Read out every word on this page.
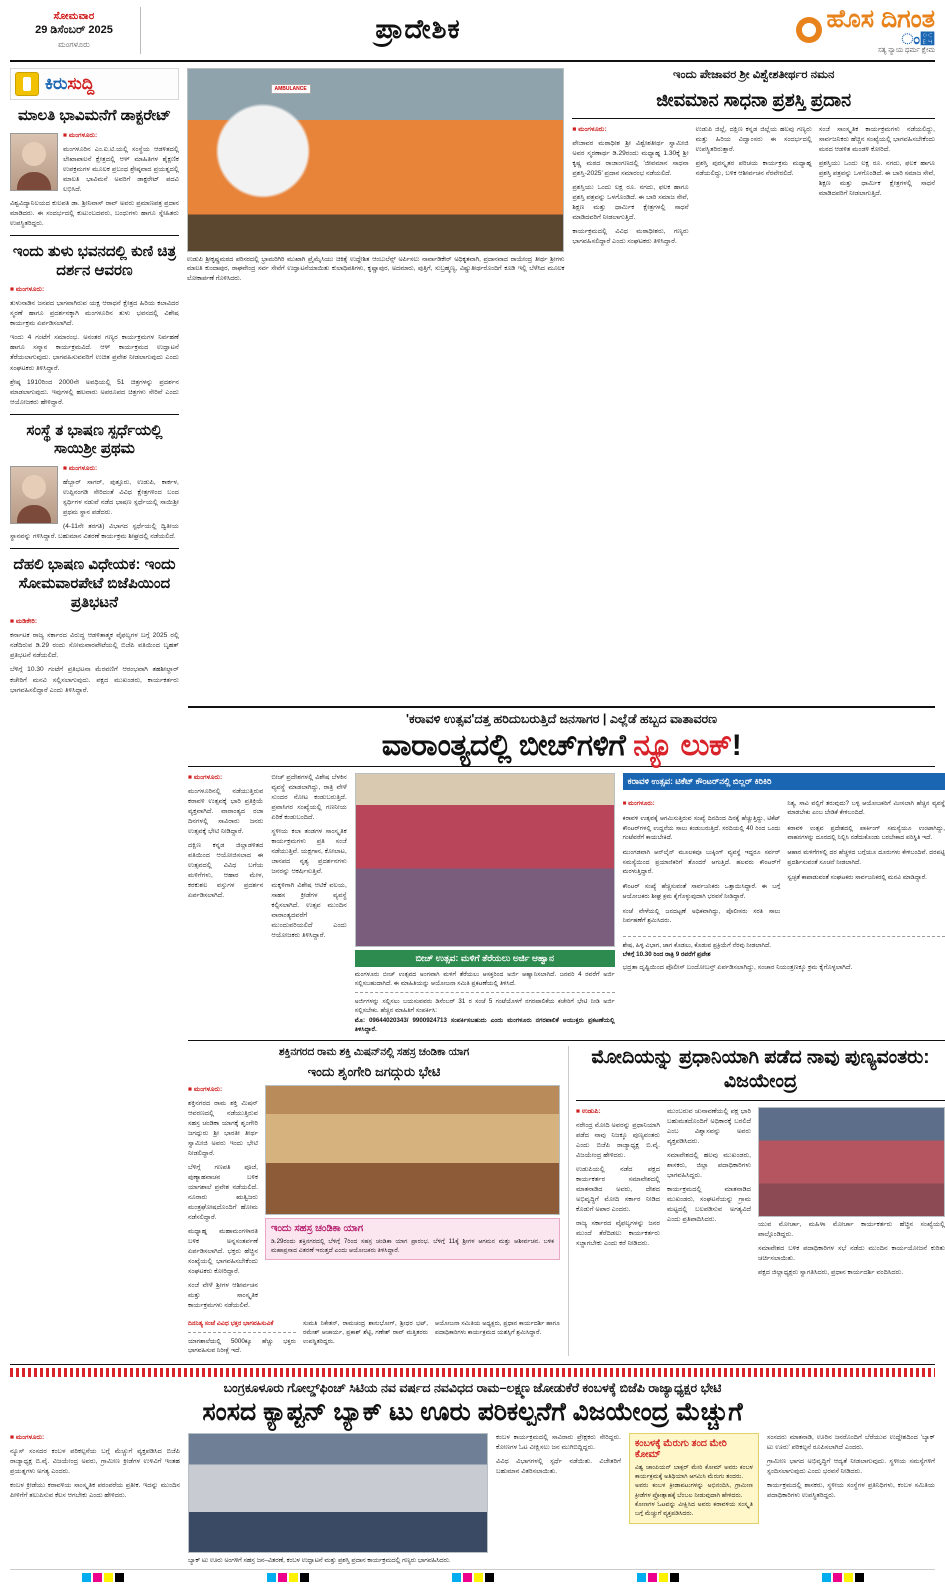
ಸೋಮವಾರ
29 ಡಿಸೆಂಬರ್ 2025
ಮಂಗಳೂರು	ಪ್ರಾದೇಶಿಕ	ಹೊಸ ದಿಗಂತ
ಂ಴
ಸತ್ಯ ನ್ಯಾಯ ಧರ್ಮ ಕ್ಷೇಮ
ಕಿರುಸುದ್ದಿ
ಮಾಲತಿ ಭಾವಿಮನೆಗೆ ಡಾಕ್ಟರೇಟ್

■ ಮಂಗಳೂರು:

ಮಂಗಳೂರಿನ ಎಂ.ಐ.ಟಿ.ಯಲ್ಲಿ ಸಂಸ್ಥೆಯ ಆಡಳಿತದಲ್ಲಿ ಲೇಖಾಪಾಲನೆ ಕ್ಷೇತ್ರದಲ್ಲಿ ಆಳ್ ಮಾಹಿತಿಗಳ ಶೈಕ್ಷಣಿಕ ಉಪಕ್ರಮಗಳ ಮೂಲಕ ಪ್ರಬಂಧ ಶ್ರೇಷ್ಠವಾದ ಪ್ರಯತ್ನದಲ್ಲಿ ಮಾಲತಿ ಭಾವಿಮನೆ ಅವರಿಗೆ ಡಾಕ್ಟರೇಟ್ ಪದವಿ ಲಭಿಸಿದೆ.

ವಿಶ್ವವಿದ್ಯಾನಿಲಯದ ಕುಲಪತಿ ಡಾ. ಶ್ರೀನಿವಾಸ್ ರಾವ್ ಅವರು ಪ್ರಮಾಣಪತ್ರ ಪ್ರದಾನ ಮಾಡಿದರು. ಈ ಸಂದರ್ಭದಲ್ಲಿ ಕುಟುಂಬದವರು, ಬಂಧುಗಳು ಹಾಗೂ ಸ್ನೇಹಿತರು ಉಪಸ್ಥಿತರಿದ್ದರು.

ಇಂದು ತುಳು ಭವನದಲ್ಲಿ ಕುಣಿ ಚಿತ್ರ ದರ್ಶನ ಆವರಣ

■ ಮಂಗಳೂರು:

ತುಳುನಾಡಿನ ಜನಪದ ಭಾಗವಾಗಿರುವ ಯಕ್ಷ ಆರಾಧನೆ ಕ್ಷೇತ್ರದ ಹಿರಿಯ ಕಲಾವಿದರ ಸ್ಮರಣೆ ಹಾಗೂ ಪ್ರದರ್ಶನಕ್ಕಾಗಿ ಮಂಗಳೂರಿನ ತುಳು ಭವನದಲ್ಲಿ ವಿಶೇಷ ಕಾರ್ಯಕ್ರಮ ಏರ್ಪಡಿಸಲಾಗಿದೆ.

ಇಂದು 4 ಗಂಟೆಗೆ ಸಮಾರಂಭ. ಅನಂತರ ಗಣ್ಯರ ಕಾರ್ಯಕ್ರಮಗಳ ನಿರ್ವಹಣೆ ಹಾಗೂ ಸನ್ಮಾನ ಕಾರ್ಯಕ್ರಮವಿದೆ. ಆಳ್ ಕಾರ್ಯಕ್ರಮದ ಉದ್ಘಾಟನೆ ತೆರೆಯಲಾಗುವುದು. ಭಾಗವಹಿಸುವವರಿಗೆ ಉಚಿತ ಪ್ರವೇಶ ನೀಡಲಾಗುವುದು ಎಂದು ಸಂಘಟಕರು ತಿಳಿಸಿದ್ದಾರೆ.

ಶ್ರೇಷ್ಠ 1910ರಿಂದ 2000ನೇ ಅವಧಿಯಲ್ಲಿ 51 ಚಿತ್ರಗಳನ್ನು ಪ್ರದರ್ಶನ ಮಾಡಲಾಗುವುದು. ಇವುಗಳಲ್ಲಿ ಹಲವಾರು ಅಪರೂಪದ ಚಿತ್ರಗಳು ಸೇರಿವೆ ಎಂದು ಆಯೋಜಕರು ಹೇಳಿದ್ದಾರೆ.

ಸಂಸ್ಥೆ ತ ಭಾಷಣ ಸ್ಪರ್ಧೆಯಲ್ಲಿ ಸಾಯಿಶ್ರೀ ಪ್ರಥಮ

■ ಮಂಗಳೂರು:

ಹೆಬ್ಬಾರ್ ಸಾಗರ್, ಪುತ್ತೂರು, ಉಡುಪಿ, ಕಾರ್ಕಳ, ಉಪ್ಪಿನಂಗಡಿ ಸೇರಿದಂತೆ ವಿವಿಧ ಕ್ಷೇತ್ರಗಳಿಂದ ಬಂದ ಸ್ಪರ್ಧಿಗಳ ನಡುವೆ ನಡೆದ ಭಾಷಣ ಸ್ಪರ್ಧೆಯಲ್ಲಿ ಸಾಯಿಶ್ರೀ ಪ್ರಥಮ ಸ್ಥಾನ ಪಡೆದರು.

(4-11ನೇ ತರಗತಿ) ವಿಭಾಗದ ಸ್ಪರ್ಧೆಯಲ್ಲಿ ದ್ವಿತೀಯ ಸ್ಥಾನವನ್ನು ಗಳಿಸಿದ್ದಾರೆ. ಬಹುಮಾನ ವಿತರಣೆ ಕಾರ್ಯಕ್ರಮ ಶೀಘ್ರದಲ್ಲಿ ನಡೆಯಲಿದೆ.

ದೆಹಲಿ ಭಾಷಣ ವಿಧೇಯಕ: ಇಂದು ಸೋಮವಾರಪೇಟೆ ಬಿಜೆಪಿಯಿಂದ ಪ್ರತಿಭಟನೆ

■ ಮಡಿಕೇರಿ:

ಕರ್ನಾಟಕ ರಾಜ್ಯ ಸರ್ಕಾರದ ವಿರುದ್ಧ ಆಡಳಿತಾತ್ಮಕ ವೈಫಲ್ಯಗಳ ಬಗ್ಗೆ 2025 ರಲ್ಲಿ ನಡೆದಿರುವ ಡಿ.29 ರಂದು ಸೋಮವಾರಪೇಟೆಯಲ್ಲಿ ಬಿಜೆಪಿ ವತಿಯಿಂದ ಬೃಹತ್ ಪ್ರತಿಭಟನೆ ನಡೆಯಲಿದೆ.

ಬೆಳಿಗ್ಗೆ 10.30 ಗಂಟೆಗೆ ಪ್ರತಿಭಟನಾ ಮೆರವಣಿಗೆ ಆರಂಭವಾಗಿ ತಹಶೀಲ್ದಾರ್ ಕಚೇರಿಗೆ ಮನವಿ ಸಲ್ಲಿಸಲಾಗುವುದು. ಪಕ್ಷದ ಮುಖಂಡರು, ಕಾರ್ಯಕರ್ತರು ಭಾಗವಹಿಸಲಿದ್ದಾರೆ ಎಂದು ತಿಳಿಸಿದ್ದಾರೆ.

AMBULANCE
ಉಡುಪಿ ಶ್ರೀಕೃಷ್ಣಮಠದ ಪರಿಸರದಲ್ಲಿ ಭ್ರಾಮರಿಗಿರಿ ಮುಖಾಗಿ ಪ್ರೈಮೈಸಿಯು ಚಿಕಿತ್ಸೆ ಉದ್ದೇಶಿತ ಆಂಬುಲೆನ್ಸ್ ಅರ್ಪಿಸಲು ನಾರ್ವಾಡಿಕೇರ್ ಅಧಿಕೃತವಾಗಿ, ಪ್ರದಾನವಾದ ರಾಯೇಂದ್ರ ತೀರ್ಥ ಶ್ರೀಗಳು ಮಾಲತಿ ಕುಂದಾಪುರ, ರಾಘವೇಂದ್ರ ಸರ್ವ ಸೇವೆಗೆ ಉದ್ಘಾಟನೆಯಾಯಿತು ಕುಲಾಧಿಪತಿಗಳು, ಕೃಷ್ಣಾಪುರ, ಅದಮಾರು, ಪುತ್ತಿಗೆ, ಸುಬ್ರಹ್ಮಣ್ಯ, ವಿಷ್ಣುತೀರ್ಥರೊಂದಿಗೆ ಕೂಡಿ ಇಲ್ಲಿ ಬೆಳೆಸಿದ ಮೂಲಕ ಲೋಕಾರ್ಪಣೆ ಗೊಳಿಸಿದರು.
ಇಂದು ಪೇಜಾವರ ಶ್ರೀ ವಿಶ್ವೇಶತೀರ್ಥರ ನಮನ
ಜೀವಮಾನ ಸಾಧನಾ ಪ್ರಶಸ್ತಿ ಪ್ರದಾನ

■ ಮಂಗಳೂರು:

ಪೇಜಾವರ ಮಠಾಧೀಶ ಶ್ರೀ ವಿಶ್ವೇಶತೀರ್ಥ ಸ್ವಾಮೀಜಿ ಅವರ ಸ್ಮರಣಾರ್ಥ ಡಿ.29ರಂದು ಮಧ್ಯಾಹ್ನ 1.30ಕ್ಕೆ ಶ್ರೀ ಕೃಷ್ಣ ಮಠದ ರಾಜಾಂಗಣದಲ್ಲಿ 'ಜೀವಮಾನ ಸಾಧನಾ ಪ್ರಶಸ್ತಿ-2025' ಪ್ರದಾನ ಸಮಾರಂಭ ನಡೆಯಲಿದೆ.

ಪ್ರಶಸ್ತಿಯು ಒಂದು ಲಕ್ಷ ರೂ. ನಗದು, ಫಲಕ ಹಾಗೂ ಪ್ರಶಸ್ತಿ ಪತ್ರವನ್ನು ಒಳಗೊಂಡಿದೆ. ಈ ಬಾರಿ ಸಮಾಜ ಸೇವೆ, ಶಿಕ್ಷಣ ಮತ್ತು ಧಾರ್ಮಿಕ ಕ್ಷೇತ್ರಗಳಲ್ಲಿ ಸಾಧನೆ ಮಾಡಿದವರಿಗೆ ನೀಡಲಾಗುತ್ತಿದೆ.

ಕಾರ್ಯಕ್ರಮದಲ್ಲಿ ವಿವಿಧ ಮಠಾಧೀಶರು, ಗಣ್ಯರು ಭಾಗವಹಿಸಲಿದ್ದಾರೆ ಎಂದು ಸಂಘಟಕರು ತಿಳಿಸಿದ್ದಾರೆ.

ಉಡುಪಿ ಜಿಲ್ಲೆ, ದಕ್ಷಿಣ ಕನ್ನಡ ಜಿಲ್ಲೆಯ ಹಲವು ಗಣ್ಯರು ಮತ್ತು ಹಿರಿಯ ವಿದ್ವಾಂಸರು ಈ ಸಂದರ್ಭದಲ್ಲಿ ಉಪಸ್ಥಿತರಿರುತ್ತಾರೆ.

ಪ್ರಶಸ್ತಿ ಪುರಸ್ಕೃತರ ಪರಿಚಯ ಕಾರ್ಯಕ್ರಮ ಮಧ್ಯಾಹ್ನ ನಡೆಯಲಿದ್ದು, ಬಳಿಕ ಆಶೀರ್ವಚನ ನೆರವೇರಲಿದೆ.

ಸಂಜೆ ಸಾಂಸ್ಕೃತಿಕ ಕಾರ್ಯಕ್ರಮಗಳು ನಡೆಯಲಿದ್ದು, ಸಾರ್ವಜನಿಕರು ಹೆಚ್ಚಿನ ಸಂಖ್ಯೆಯಲ್ಲಿ ಭಾಗವಹಿಸಬೇಕೆಂದು ಮಠದ ಆಡಳಿತ ಮಂಡಳಿ ಕೋರಿದೆ.

ಪ್ರಶಸ್ತಿಯು ಒಂದು ಲಕ್ಷ ರೂ. ನಗದು, ಫಲಕ ಹಾಗೂ ಪ್ರಶಸ್ತಿ ಪತ್ರವನ್ನು ಒಳಗೊಂಡಿದೆ. ಈ ಬಾರಿ ಸಮಾಜ ಸೇವೆ, ಶಿಕ್ಷಣ ಮತ್ತು ಧಾರ್ಮಿಕ ಕ್ಷೇತ್ರಗಳಲ್ಲಿ ಸಾಧನೆ ಮಾಡಿದವರಿಗೆ ನೀಡಲಾಗುತ್ತಿದೆ.

'ಕರಾವಳಿ ಉತ್ಸವ'ದತ್ತ ಹರಿದುಬರುತ್ತಿದೆ ಜನಸಾಗರ | ಎಲ್ಲೆಡೆ ಹಬ್ಬದ ವಾತಾವರಣ
ವಾರಾಂತ್ಯದಲ್ಲಿ ಬೀಚ್‌ಗಳಿಗೆ ನ್ಯೂ ಲುಕ್!

■ ಮಂಗಳೂರು:

ಮಂಗಳೂರಿನಲ್ಲಿ ನಡೆಯುತ್ತಿರುವ ಕರಾವಳಿ ಉತ್ಸವಕ್ಕೆ ಭಾರಿ ಪ್ರತಿಕ್ರಿಯೆ ವ್ಯಕ್ತವಾಗಿದೆ. ವಾರಾಂತ್ಯದ ರಜಾ ದಿನಗಳಲ್ಲಿ ಸಾವಿರಾರು ಜನರು ಉತ್ಸವಕ್ಕೆ ಭೇಟಿ ನೀಡಿದ್ದಾರೆ.

ದಕ್ಷಿಣ ಕನ್ನಡ ಜಿಲ್ಲಾಡಳಿತದ ವತಿಯಿಂದ ಆಯೋಜಿಸಲಾದ ಈ ಉತ್ಸವದಲ್ಲಿ ವಿವಿಧ ಬಗೆಯ ಮಳಿಗೆಗಳು, ಆಹಾರ ಮೇಳ, ಕರಕುಶಲ ವಸ್ತುಗಳ ಪ್ರದರ್ಶನ ಏರ್ಪಡಿಸಲಾಗಿದೆ.

ಬೀಚ್ ಪ್ರದೇಶಗಳಲ್ಲಿ ವಿಶೇಷ ಬೆಳಕಿನ ವ್ಯವಸ್ಥೆ ಮಾಡಲಾಗಿದ್ದು, ರಾತ್ರಿ ವೇಳೆ ಸುಂದರ ನೋಟ ಕಂಡುಬರುತ್ತಿದೆ. ಪ್ರವಾಸಿಗರ ಸಂಖ್ಯೆಯಲ್ಲಿ ಗಣನೀಯ ಏರಿಕೆ ಕಂಡುಬಂದಿದೆ.

ಸ್ಥಳೀಯ ಕಲಾ ತಂಡಗಳ ಸಾಂಸ್ಕೃತಿಕ ಕಾರ್ಯಕ್ರಮಗಳು ಪ್ರತಿ ಸಂಜೆ ನಡೆಯುತ್ತಿವೆ. ಯಕ್ಷಗಾನ, ಕೋಲಾಟ, ಜಾನಪದ ನೃತ್ಯ ಪ್ರದರ್ಶನಗಳು ಜನರನ್ನು ಆಕರ್ಷಿಸುತ್ತಿವೆ.

ಮಕ್ಕಳಿಗಾಗಿ ವಿಶೇಷ ಆಟಿಕೆ ವಲಯ, ಸಾಹಸ ಕ್ರೀಡೆಗಳ ವ್ಯವಸ್ಥೆ ಕಲ್ಪಿಸಲಾಗಿದೆ. ಉತ್ಸವ ಮುಂದಿನ ವಾರಾಂತ್ಯದವರೆಗೆ ಮುಂದುವರಿಯಲಿದೆ ಎಂದು ಆಯೋಜಕರು ತಿಳಿಸಿದ್ದಾರೆ.

ಬೀಚ್ ಉತ್ಸವ: ಮಳಿಗೆ ತೆರೆಯಲು ಅರ್ಜಿ ಆಹ್ವಾನ
ಮಂಗಳೂರು ಬೀಚ್ ಉತ್ಸವದ ಅಂಗವಾಗಿ ಮಳಿಗೆ ತೆರೆಯಲು ಆಸಕ್ತರಿಂದ ಅರ್ಜಿ ಆಹ್ವಾನಿಸಲಾಗಿದೆ. ಜನವರಿ 4 ರವರೆಗೆ ಅರ್ಜಿ ಸಲ್ಲಿಸಬಹುದಾಗಿದೆ. ಈ ಮಾಹಿತಿಯನ್ನು ಆಯೋಜನಾ ಸಮಿತಿ ಪ್ರಕಟಣೆಯಲ್ಲಿ ತಿಳಿಸಿದೆ.
ಅರ್ಜಿಗಳನ್ನು ಸಲ್ಲಿಸಲು ಬಯಸುವವರು ಡಿಸೆಂಬರ್ 31 ರ ಸಂಜೆ 5 ಗಂಟೆಯೊಳಗೆ ನಗರಪಾಲಿಕೆಯ ಕಚೇರಿಗೆ ಭೇಟಿ ನೀಡಿ ಅರ್ಜಿ ಸಲ್ಲಿಸಬೇಕು. ಹೆಚ್ಚಿನ ಮಾಹಿತಿಗೆ ಸಂಪರ್ಕಿಸಿ:
ಮೊ: 09644020343/ 9900924713 ಸಂಪರ್ಕಿಸಬಹುದು ಎಂದು ಮಂಗಳೂರು ನಗರಪಾಲಿಕೆ ಆಯುಕ್ತರು ಪ್ರಕಟಣೆಯಲ್ಲಿ ತಿಳಿಸಿದ್ದಾರೆ.
ಕರಾವಳಿ ಉತ್ಸವ: ಟಿಕೆಟ್ ಕೌಂಟರ್‌ನಲ್ಲಿ ಬಿಲ್ಲರ್ ಕಿರಿಕಿರಿ

■ ಮಂಗಳೂರು:

ಕರಾವಳಿ ಉತ್ಸವಕ್ಕೆ ಆಗಮಿಸುತ್ತಿರುವ ಸಂಖ್ಯೆ ದಿನದಿಂದ ದಿನಕ್ಕೆ ಹೆಚ್ಚುತ್ತಿದ್ದು, ಟಿಕೆಟ್ ಕೌಂಟರ್‌ಗಳಲ್ಲಿ ಉದ್ದನೆಯ ಸಾಲು ಕಂಡುಬರುತ್ತಿದೆ. ಸರದಿಯಲ್ಲಿ 40 ರಿಂದ ಒಂದು ಗಂಟೆವರೆಗೆ ಕಾಯಬೇಕಿದೆ.

ಮುಂಗಡವಾಗಿ ಆನ್‌ಲೈನ್ ಮೂಲಕವೂ ಬುಕ್ಕಿಂಗ್ ವ್ಯವಸ್ಥೆ ಇದ್ದರೂ ಸರ್ವರ್ ಸಮಸ್ಯೆಯಿಂದ ಪ್ರಯಾಣಿಕರಿಗೆ ತೊಂದರೆ ಆಗುತ್ತಿದೆ. ಹಲವರು ಕೌಂಟರ್‌ಗೆ ಮರಳುತ್ತಿದ್ದಾರೆ.

ಕೌಂಟರ್ ಸಂಖ್ಯೆ ಹೆಚ್ಚಿಸುವಂತೆ ಸಾರ್ವಜನಿಕರು ಒತ್ತಾಯಿಸಿದ್ದಾರೆ. ಈ ಬಗ್ಗೆ ಆಯೋಜಕರು ಶೀಘ್ರ ಕ್ರಮ ಕೈಗೊಳ್ಳುವುದಾಗಿ ಭರವಸೆ ನೀಡಿದ್ದಾರೆ.

ಸಂಜೆ ವೇಳೆಯಲ್ಲಿ ಜನದಟ್ಟಣೆ ಅಧಿಕವಾಗಿದ್ದು, ಪೊಲೀಸರು ಸರತಿ ಸಾಲು ನಿರ್ವಹಣೆಗೆ ಶ್ರಮಿಸಿದರು.

ನಿತ್ಯ, ಸಾವಿ ವಲ್ಪಿಗೆ ತರುವುದು? ಬಳ್ಳಿ ಆಯೋಜಕರಿಗೆ ಮೀಸಲಾಗಿ ಹೆಚ್ಚಿನ ವ್ಯವಸ್ಥೆ ಮಾಡಬೇಕು ಎಂಬ ಬೇಡಿಕೆ ಕೇಳಿಬಂದಿದೆ.

ಕರಾವಳಿ ಉತ್ಸವ ಪ್ರದೇಶದಲ್ಲಿ ಪಾರ್ಕಿಂಗ್ ಸಮಸ್ಯೆಯೂ ಉಂಟಾಗಿದ್ದು, ವಾಹನಗಳನ್ನು ದೂರದಲ್ಲಿ ನಿಲ್ಲಿಸಿ ನಡೆದುಕೊಂಡು ಬರಬೇಕಾದ ಪರಿಸ್ಥಿತಿ ಇದೆ.

ಆಹಾರ ಮಳಿಗೆಗಳಲ್ಲಿ ದರ ಹೆಚ್ಚಳದ ಬಗ್ಗೆಯೂ ದೂರುಗಳು ಕೇಳಿಬಂದಿವೆ. ದರಪಟ್ಟಿ ಪ್ರದರ್ಶಿಸುವಂತೆ ಸೂಚನೆ ನೀಡಲಾಗಿದೆ.

ಸ್ವಚ್ಛತೆ ಕಾಪಾಡುವಂತೆ ಸಂಘಟಕರು ಸಾರ್ವಜನಿಕರಲ್ಲಿ ಮನವಿ ಮಾಡಿದ್ದಾರೆ.

ಶೇಷ, ಹಿಳ್ಳಿ ವಿಭಾಗ, ಜಾಗ ಕೊಡಲು, ಕೊಡುವ ಪ್ರಕ್ರಿಯೆಗೆ ನೆರವು ನೀಡಲಾಗಿದೆ.
ಬೆಳಿಗ್ಗೆ 10.30 ರಿಂದ ರಾತ್ರಿ 9 ರವರೆಗೆ ಪ್ರವೇಶ
ಭದ್ರತಾ ದೃಷ್ಟಿಯಿಂದ ಪೊಲೀಸ್ ಬಂದೋಬಸ್ತ್ ಏರ್ಪಡಿಸಲಾಗಿದ್ದು, ಸಂಚಾರ ನಿಯಂತ್ರಣಕ್ಕೂ ಕ್ರಮ ಕೈಗೊಳ್ಳಲಾಗಿದೆ.
ಶಕ್ತಿನಗರದ ರಾಮ ಶಕ್ತಿ ಮಿಷನ್‌ನಲ್ಲಿ ಸಹಸ್ರ ಚಂಡಿಕಾ ಯಾಗ
ಇಂದು ಶೃಂಗೇರಿ ಜಗದ್ಗುರು ಭೇಟಿ

■ ಮಂಗಳೂರು:

ಶಕ್ತಿನಗರದ ರಾಮ ಶಕ್ತಿ ಮಿಷನ್ ಆವರಣದಲ್ಲಿ ನಡೆಯುತ್ತಿರುವ ಸಹಸ್ರ ಚಂಡಿಕಾ ಯಾಗಕ್ಕೆ ಶೃಂಗೇರಿ ಜಗದ್ಗುರು ಶ್ರೀ ಭಾರತೀ ತೀರ್ಥ ಸ್ವಾಮೀಜಿ ಅವರು ಇಂದು ಭೇಟಿ ನೀಡಲಿದ್ದಾರೆ.

ಬೆಳಿಗ್ಗೆ ಗಣಪತಿ ಪೂಜೆ, ಪುಣ್ಯಾಹವಾಚನ ಬಳಿಕ ಯಾಗಶಾಲೆ ಪ್ರವೇಶ ನಡೆಯಲಿದೆ. ನೂರಾರು ಋತ್ವಿಜರು ಮಂತ್ರಘೋಷದೊಂದಿಗೆ ಹೋಮ ನಡೆಸಲಿದ್ದಾರೆ.

ಮಧ್ಯಾಹ್ನ ಮಹಾಮಂಗಳಾರತಿ ಬಳಿಕ ಅನ್ನಸಂತರ್ಪಣೆ ಏರ್ಪಡಿಸಲಾಗಿದೆ. ಭಕ್ತರು ಹೆಚ್ಚಿನ ಸಂಖ್ಯೆಯಲ್ಲಿ ಭಾಗವಹಿಸಬೇಕೆಂದು ಸಂಘಟಕರು ಕೋರಿದ್ದಾರೆ.

ಸಂಜೆ ವೇಳೆ ಶ್ರೀಗಳ ಆಶೀರ್ವಚನ ಮತ್ತು ಸಾಂಸ್ಕೃತಿಕ ಕಾರ್ಯಕ್ರಮಗಳು ನಡೆಯಲಿವೆ.

ಇಂದು ಸಹಸ್ರ ಚಂಡಿಕಾ ಯಾಗ
ಡಿ.29ರಂದು ಶಕ್ತಿನಗರದಲ್ಲಿ ಬೆಳಿಗ್ಗೆ 7ರಿಂದ ಸಹಸ್ರ ಚಂಡಿಕಾ ಯಾಗ ಪ್ರಾರಂಭ. ಬೆಳಿಗ್ಗೆ 11ಕ್ಕೆ ಶ್ರೀಗಳ ಆಗಮನ ಮತ್ತು ಆಶೀರ್ವಚನ. ಬಳಿಕ ಮಹಾಪ್ರಸಾದ ವಿತರಣೆ ಇರುತ್ತದೆ ಎಂದು ಆಯೋಜಕರು ತಿಳಿಸಿದ್ದಾರೆ.
ದಿನನಿತ್ಯ ಸಂಜೆ ವಿವಿಧ ಭಕ್ತರ ಭಾಗವಹಿಸುವಿಕೆ
ಯಾಗಶಾಲೆಯಲ್ಲಿ 5000ಕ್ಕೂ ಹೆಚ್ಚು ಭಕ್ತರು ಭಾಗವಹಿಸುವ ನಿರೀಕ್ಷೆ ಇದೆ.
ಸುಮತಿ ನಿಕೇತನ್, ರಾಮಚಂದ್ರ ಶಾನುಭೋಗ್, ಶ್ರೀಧರ ಭಟ್, ರಮೇಶ್ ಆಚಾರ್ಯ, ಪ್ರಕಾಶ್ ಶೆಟ್ಟಿ, ಗಣೇಶ್ ರಾವ್ ಮತ್ತಿತರರು ಉಪಸ್ಥಿತರಿದ್ದರು.
ಆಯೋಜನಾ ಸಮಿತಿಯ ಅಧ್ಯಕ್ಷರು, ಪ್ರಧಾನ ಕಾರ್ಯದರ್ಶಿ ಹಾಗೂ ಪದಾಧಿಕಾರಿಗಳು ಕಾರ್ಯಕ್ರಮದ ಯಶಸ್ಸಿಗೆ ಶ್ರಮಿಸಿದ್ದಾರೆ.
ಮೋದಿಯನ್ನು ಪ್ರಧಾನಿಯಾಗಿ ಪಡೆದ ನಾವು ಪುಣ್ಯವಂತರು: ವಿಜಯೇಂದ್ರ

■ ಉಡುಪಿ:

ನರೇಂದ್ರ ಮೋದಿ ಅವರನ್ನು ಪ್ರಧಾನಿಯಾಗಿ ಪಡೆದ ನಾವು ನಿಜಕ್ಕೂ ಪುಣ್ಯವಂತರು ಎಂದು ಬಿಜೆಪಿ ರಾಜ್ಯಾಧ್ಯಕ್ಷ ಬಿ.ವೈ. ವಿಜಯೇಂದ್ರ ಹೇಳಿದರು.

ಉಡುಪಿಯಲ್ಲಿ ನಡೆದ ಪಕ್ಷದ ಕಾರ್ಯಕರ್ತರ ಸಮಾವೇಶದಲ್ಲಿ ಮಾತನಾಡಿದ ಅವರು, ದೇಶದ ಅಭಿವೃದ್ಧಿಗೆ ಮೋದಿ ಸರ್ಕಾರ ನೀಡಿದ ಕೊಡುಗೆ ಅಪಾರ ಎಂದರು.

ರಾಜ್ಯ ಸರ್ಕಾರದ ವೈಫಲ್ಯಗಳನ್ನು ಜನರ ಮುಂದೆ ತೆರೆದಿಡಲು ಕಾರ್ಯಕರ್ತರು ಸಜ್ಜಾಗಬೇಕು ಎಂದು ಕರೆ ನೀಡಿದರು.

ಮುಂಬರುವ ಚುನಾವಣೆಯಲ್ಲಿ ಪಕ್ಷ ಭಾರಿ ಬಹುಮತದೊಂದಿಗೆ ಅಧಿಕಾರಕ್ಕೆ ಬರಲಿದೆ ಎಂಬ ವಿಶ್ವಾಸವನ್ನು ಅವರು ವ್ಯಕ್ತಪಡಿಸಿದರು.

ಸಮಾವೇಶದಲ್ಲಿ ಹಲವು ಮುಖಂಡರು, ಶಾಸಕರು, ಜಿಲ್ಲಾ ಪದಾಧಿಕಾರಿಗಳು ಭಾಗವಹಿಸಿದ್ದರು.

ಕಾರ್ಯಕ್ರಮದಲ್ಲಿ ಮಾತನಾಡಿದ ಮುಖಂಡರು, ಸಂಘಟನೆಯನ್ನು ಗ್ರಾಮ ಮಟ್ಟದಲ್ಲಿ ಬಲಪಡಿಸುವ ಅಗತ್ಯವಿದೆ ಎಂದು ಪ್ರತಿಪಾದಿಸಿದರು.

ಯುವ ಮೋರ್ಚಾ, ಮಹಿಳಾ ಮೋರ್ಚಾ ಕಾರ್ಯಕರ್ತರು ಹೆಚ್ಚಿನ ಸಂಖ್ಯೆಯಲ್ಲಿ ಪಾಲ್ಗೊಂಡಿದ್ದರು.

ಸಮಾವೇಶದ ಬಳಿಕ ಪದಾಧಿಕಾರಿಗಳ ಸಭೆ ನಡೆದು ಮುಂದಿನ ಕಾರ್ಯಯೋಜನೆ ಕುರಿತು ಚರ್ಚಿಸಲಾಯಿತು.

ಪಕ್ಷದ ಜಿಲ್ಲಾಧ್ಯಕ್ಷರು ಸ್ವಾಗತಿಸಿದರು, ಪ್ರಧಾನ ಕಾರ್ಯದರ್ಶಿ ವಂದಿಸಿದರು.

ಬಂಗ್ರಕೂಳೂರು ಗೋಲ್ಡ್‌ಫಿಂಚ್ ಸಿಟಿಯ ನವ ವರ್ಷದ ನವವಿಧದ ರಾಮ–ಲಕ್ಷ್ಮಣ ಜೋಡುಕೆರೆ ಕಂಬಳಕ್ಕೆ ಬಿಜೆಪಿ ರಾಜ್ಯಾಧ್ಯಕ್ಷರ ಭೇಟಿ
ಸಂಸದ ಕ್ಯಾಪ್ಟನ್ ಬ್ಯಾಕ್ ಟು ಊರು ಪರಿಕಲ್ಪನೆಗೆ ವಿಜಯೇಂದ್ರ ಮೆಚ್ಚುಗೆ

■ ಮಂಗಳೂರು:

ನ್ಯೂಸ್ ಸಂಸದರ ಕಂಬಳ ಪರಿಕಲ್ಪನೆಯ ಬಗ್ಗೆ ಮೆಚ್ಚುಗೆ ವ್ಯಕ್ತಪಡಿಸಿದ ಬಿಜೆಪಿ ರಾಜ್ಯಾಧ್ಯಕ್ಷ ಬಿ.ವೈ. ವಿಜಯೇಂದ್ರ ಅವರು, ಗ್ರಾಮೀಣ ಕ್ರೀಡೆಗಳ ಉಳಿವಿಗೆ ಇಂತಹ ಪ್ರಯತ್ನಗಳು ಅಗತ್ಯ ಎಂದರು.

ಕಂಬಳ ಕ್ರೀಡೆಯು ಕರಾವಳಿಯ ಸಾಂಸ್ಕೃತಿಕ ಪರಂಪರೆಯ ಪ್ರತೀಕ. ಇದನ್ನು ಮುಂದಿನ ಪೀಳಿಗೆಗೆ ತಲುಪಿಸುವ ಕೆಲಸ ಆಗಬೇಕು ಎಂದು ಹೇಳಿದರು.

ಬ್ಯಾಕ್ ಟು ಊರು ಅಂಗಳಿಗೆ ಸಹಸ್ರ ಜನ–ವಿತರಣೆ, ಕಂಬಳ ಉದ್ಘಾಟನೆ ಮತ್ತು ಪ್ರಶಸ್ತಿ ಪ್ರದಾನ ಕಾರ್ಯಕ್ರಮದಲ್ಲಿ ಗಣ್ಯರು ಭಾಗವಹಿಸಿದರು.

ಕಂಬಳ ಕಾರ್ಯಕ್ರಮದಲ್ಲಿ ಸಾವಿರಾರು ಪ್ರೇಕ್ಷಕರು ಸೇರಿದ್ದರು. ಕೋಣಗಳ ಓಟ ವೀಕ್ಷಿಸಲು ಜನ ಮುಗಿಬಿದ್ದಿದ್ದರು.

ವಿವಿಧ ವಿಭಾಗಗಳಲ್ಲಿ ಸ್ಪರ್ಧೆ ನಡೆಯಿತು. ವಿಜೇತರಿಗೆ ಬಹುಮಾನ ವಿತರಿಸಲಾಯಿತು.

ಕಂಬಳಕ್ಕೆ ಮೆರುಗು ತಂದ ಮೇರಿ ಕೋಮ್
ವಿಶ್ವ ಚಾಂಪಿಯನ್ ಬಾಕ್ಸರ್ ಮೇರಿ ಕೋಮ್ ಅವರು ಕಂಬಳ ಕಾರ್ಯಕ್ರಮಕ್ಕೆ ಅತಿಥಿಯಾಗಿ ಆಗಮಿಸಿ ಮೆರುಗು ತಂದರು.
ಅವರು ಕಂಬಳ ಕ್ರೀಡಾಪಟುಗಳನ್ನು ಅಭಿನಂದಿಸಿ, ಗ್ರಾಮೀಣ ಕ್ರೀಡೆಗಳ ಪ್ರೋತ್ಸಾಹಕ್ಕೆ ಬೆಂಬಲ ನೀಡುವುದಾಗಿ ಹೇಳಿದರು.
ಕೋಣಗಳ ಓಟವನ್ನು ವೀಕ್ಷಿಸಿದ ಅವರು ಕರಾವಳಿಯ ಸಂಸ್ಕೃತಿ ಬಗ್ಗೆ ಮೆಚ್ಚುಗೆ ವ್ಯಕ್ತಪಡಿಸಿದರು.

ಸಂಸದರು ಮಾತನಾಡಿ, ಊರಿನ ಜನರೊಂದಿಗೆ ಬೆರೆಯುವ ಉದ್ದೇಶದಿಂದ 'ಬ್ಯಾಕ್ ಟು ಊರು' ಪರಿಕಲ್ಪನೆ ರೂಪಿಸಲಾಗಿದೆ ಎಂದರು.

ಗ್ರಾಮೀಣ ಭಾಗದ ಅಭಿವೃದ್ಧಿಗೆ ಆದ್ಯತೆ ನೀಡಲಾಗುವುದು. ಸ್ಥಳೀಯ ಸಮಸ್ಯೆಗಳಿಗೆ ಸ್ಪಂದಿಸಲಾಗುವುದು ಎಂದು ಭರವಸೆ ನೀಡಿದರು.

ಕಾರ್ಯಕ್ರಮದಲ್ಲಿ ಶಾಸಕರು, ಸ್ಥಳೀಯ ಸಂಸ್ಥೆಗಳ ಪ್ರತಿನಿಧಿಗಳು, ಕಂಬಳ ಸಮಿತಿಯ ಪದಾಧಿಕಾರಿಗಳು ಉಪಸ್ಥಿತರಿದ್ದರು.
